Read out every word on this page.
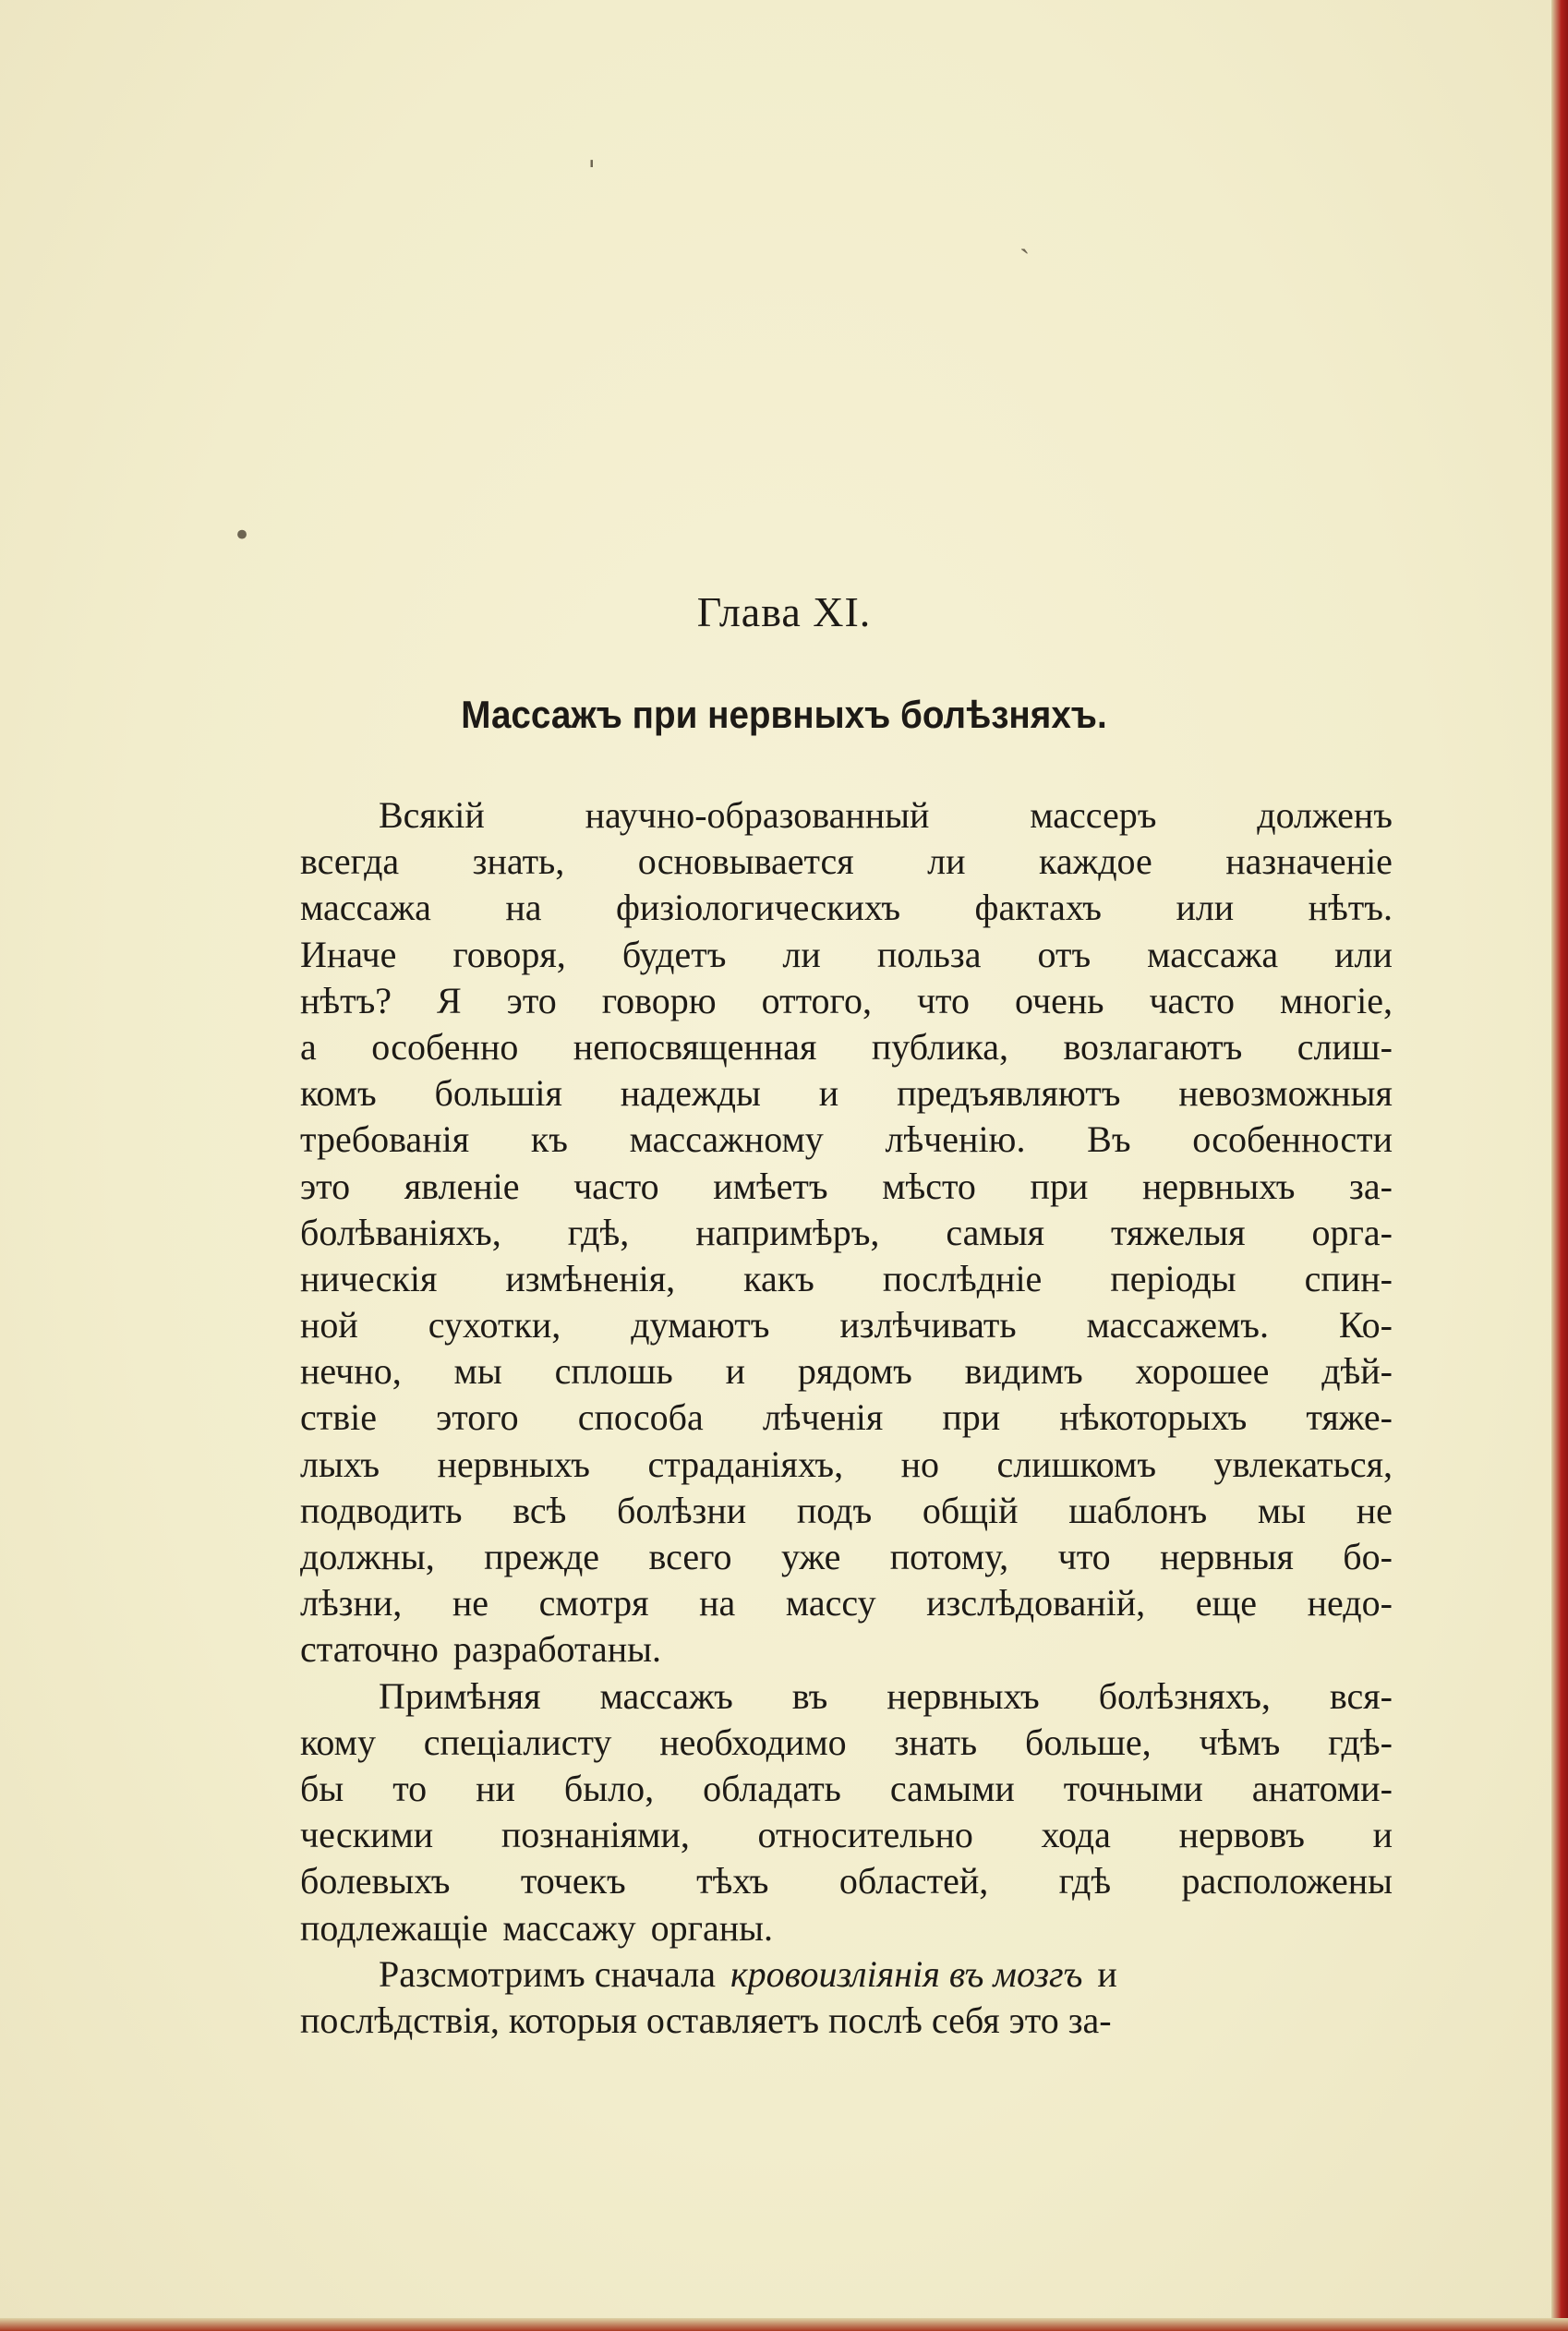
ˈ
ˏ
•
Глава XI.
Массажъ при нервныхъ болѣзняхъ.
Всякій	научно-образованный	массеръ	долженъ
всегда знать, основывается ли каждое назначеніе
массажа на физіологическихъ фактахъ или нѣтъ.
Иначе говоря, будетъ ли польза отъ массажа или
нѣтъ? Я это говорю оттого, что очень часто многіе,
а особенно непосвященная публика, возлагаютъ слиш-
комъ большія надежды и предъявляютъ невозможныя
требованія къ массажному лѣченію. Въ особенности
это явленіе часто имѣетъ мѣсто при нервныхъ за-
болѣваніяхъ, гдѣ, напримѣръ, самыя тяжелыя орга-
ническія измѣненія, какъ послѣдніе періоды спин-
ной сухотки, думаютъ излѣчивать массажемъ. Ко-
нечно, мы сплошь и рядомъ видимъ хорошее дѣй-
ствіе этого способа лѣченія при нѣкоторыхъ тяже-
лыхъ нервныхъ страданіяхъ, но слишкомъ увлекаться,
подводить всѣ болѣзни подъ общій шаблонъ мы не
должны, прежде всего уже потому, что нервныя бо-
лѣзни, не смотря на массу изслѣдованій, еще недо-
статочно разработаны.
Примѣняя массажъ въ нервныхъ болѣзняхъ, вся-
кому спеціалисту необходимо знать больше, чѣмъ гдѣ-
бы то ни было, обладать самыми точными анатоми-
ческими познаніями, относительно хода нервовъ и
болевыхъ точекъ тѣхъ областей, гдѣ расположены
подлежащіе массажу органы.
Разсмотримъ сначала кровоизліянія въ мозгъ и
послѣдствія, которыя оставляетъ послѣ себя это за-
